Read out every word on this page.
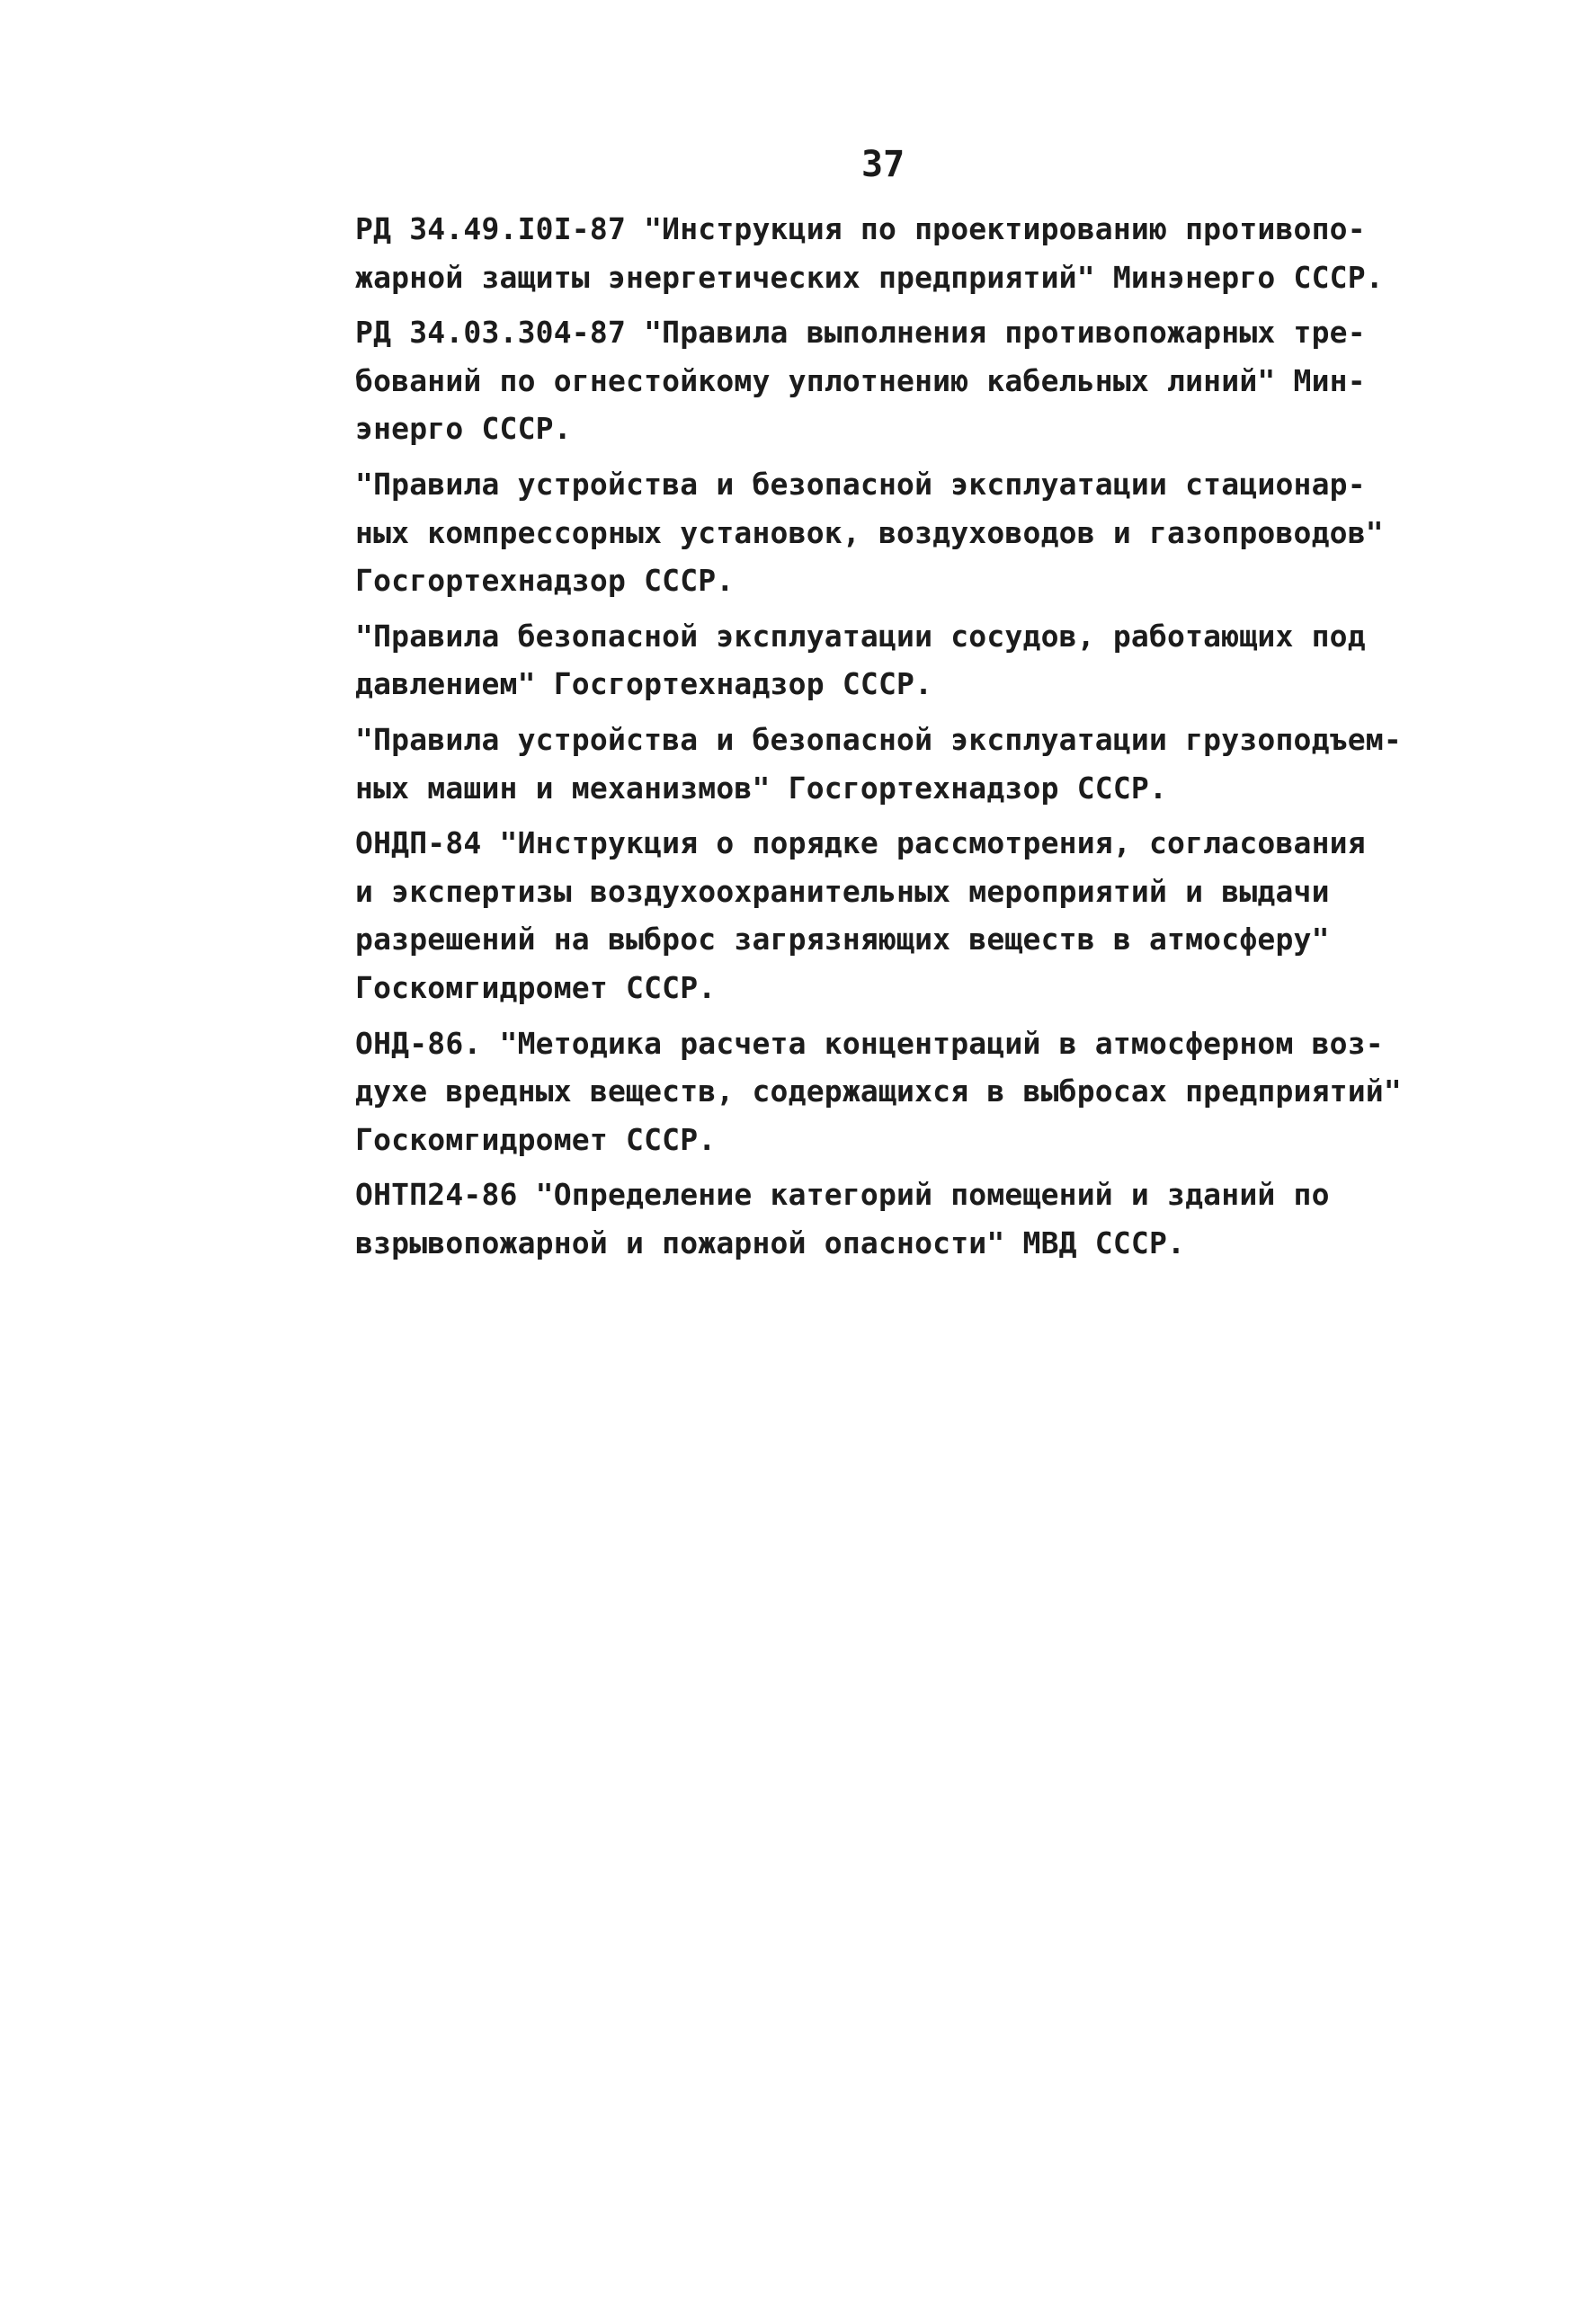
37
РД 34.49.I0I-87 "Инструкция по проектированию противопо-
жарной защиты энергетических предприятий" Минэнерго СССР.
РД 34.03.304-87 "Правила выполнения противопожарных тре-
бований по огнестойкому уплотнению кабельных линий" Мин-
энерго СССР.
"Правила устройства и безопасной эксплуатации стационар-
ных компрессорных установок, воздуховодов и газопроводов"
Госгортехнадзор СССР.
"Правила безопасной эксплуатации сосудов, работающих под
давлением" Госгортехнадзор СССР.
"Правила устройства и безопасной эксплуатации грузоподъем-
ных машин и механизмов" Госгортехнадзор СССР.
ОНДП-84 "Инструкция о порядке рассмотрения, согласования
и экспертизы воздухоохранительных мероприятий и выдачи
разрешений на выброс загрязняющих веществ в атмосферу"
Госкомгидромет СССР.
ОНД-86. "Методика расчета концентраций в атмосферном воз-
духе вредных веществ, содержащихся в выбросах предприятий"
Госкомгидромет СССР.
ОНТП24-86 "Определение категорий помещений и зданий по
взрывопожарной и пожарной опасности" МВД СССР.
